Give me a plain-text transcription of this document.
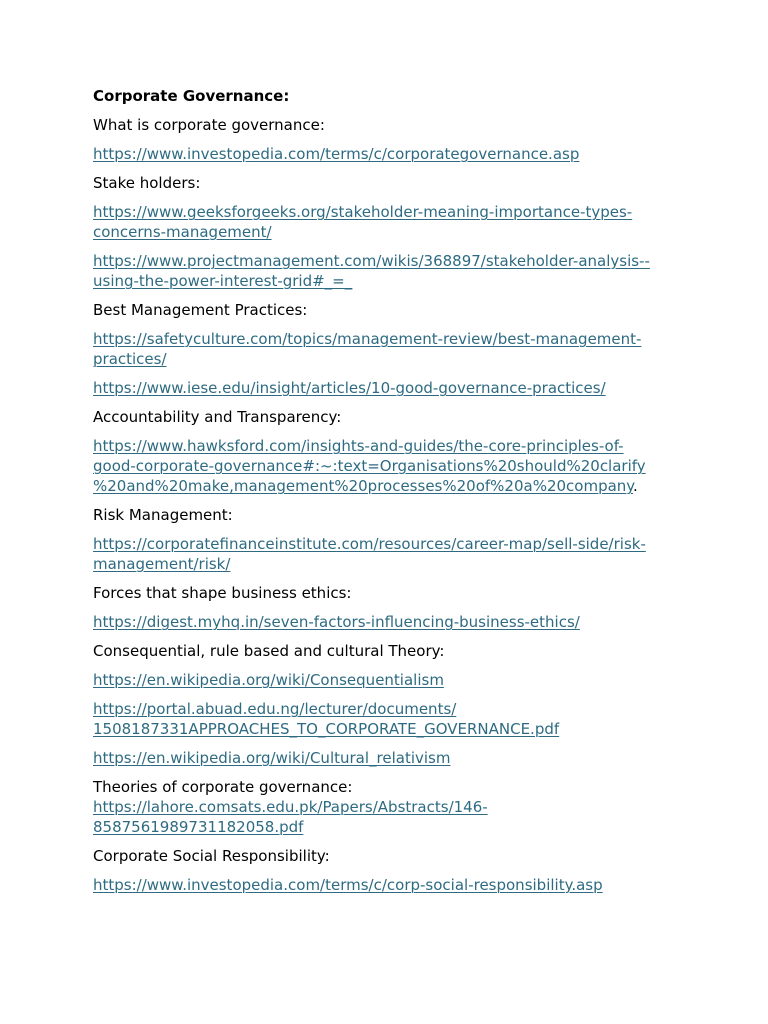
Corporate Governance:

What is corporate governance:

https://www.investopedia.com/terms/c/corporategovernance.asp

Stake holders:

https://www.geeksforgeeks.org/stakeholder-meaning-importance-types-
concerns-management/

https://www.projectmanagement.com/wikis/368897/stakeholder-analysis--
using-the-power-interest-grid#_=_

Best Management Practices:

https://safetyculture.com/topics/management-review/best-management-
practices/

https://www.iese.edu/insight/articles/10-good-governance-practices/

Accountability and Transparency:

https://www.hawksford.com/insights-and-guides/the-core-principles-of-
good-corporate-governance#:~:text=Organisations%20should%20clarify
%20and%20make,management%20processes%20of%20a%20company.

Risk Management:

https://corporatefinanceinstitute.com/resources/career-map/sell-side/risk-
management/risk/

Forces that shape business ethics:

https://digest.myhq.in/seven-factors-influencing-business-ethics/

Consequential, rule based and cultural Theory:

https://en.wikipedia.org/wiki/Consequentialism

https://portal.abuad.edu.ng/lecturer/documents/
1508187331APPROACHES_TO_CORPORATE_GOVERNANCE.pdf

https://en.wikipedia.org/wiki/Cultural_relativism

Theories of corporate governance:

https://lahore.comsats.edu.pk/Papers/Abstracts/146-
8587561989731182058.pdf

Corporate Social Responsibility:

https://www.investopedia.com/terms/c/corp-social-responsibility.asp
